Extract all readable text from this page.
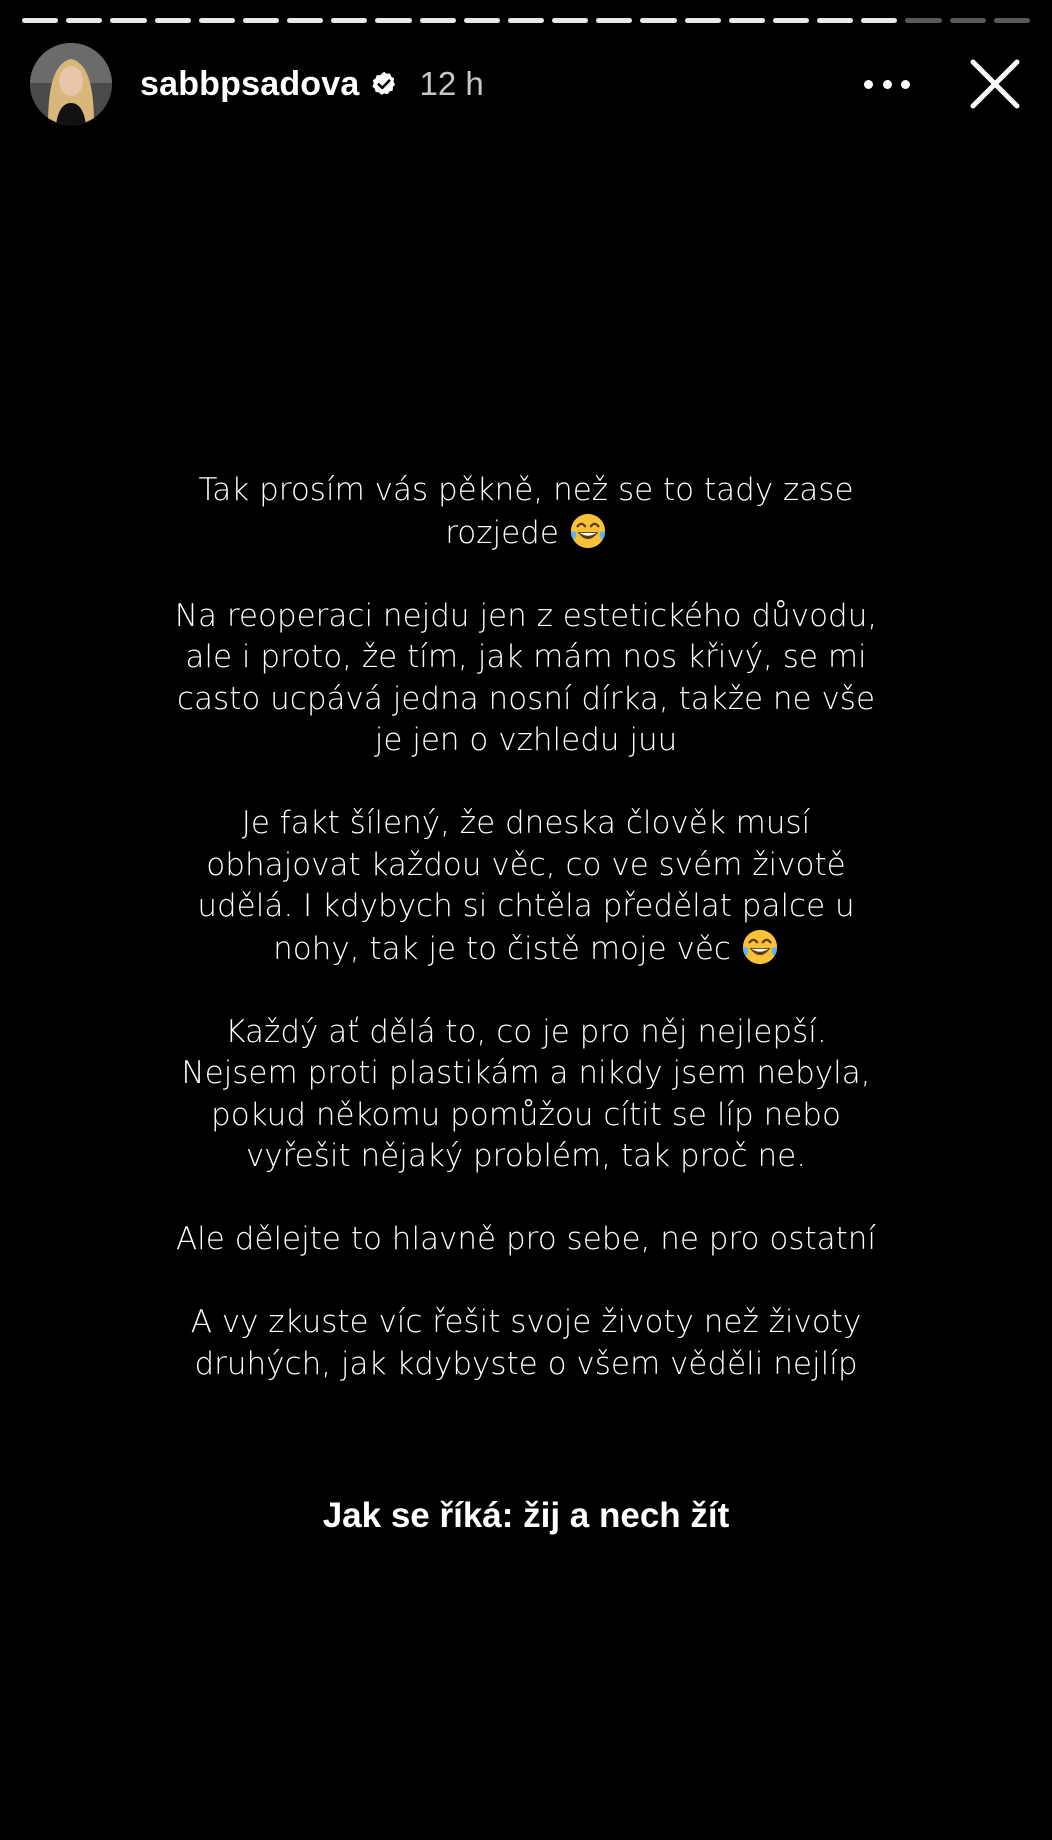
sabbpsadova 12 h
Tak prosím vás pěkně, než se to tady zase
rozjede
Na reoperaci nejdu jen z estetického důvodu,
ale i proto, že tím, jak mám nos křivý, se mi
casto ucpává jedna nosní dírka, takže ne vše
je jen o vzhledu juu
Je fakt šílený, že dneska člověk musí
obhajovat každou věc, co ve svém životě
udělá. I kdybych si chtěla předělat palce u
nohy, tak je to čistě moje věc
Každý ať dělá to, co je pro něj nejlepší.
Nejsem proti plastikám a nikdy jsem nebyla,
pokud někomu pomůžou cítit se líp nebo
vyřešit nějaký problém, tak proč ne.
Ale dělejte to hlavně pro sebe, ne pro ostatní
A vy zkuste víc řešit svoje životy než životy
druhých, jak kdybyste o všem věděli nejlíp
Jak se říká: žij a nech žít
